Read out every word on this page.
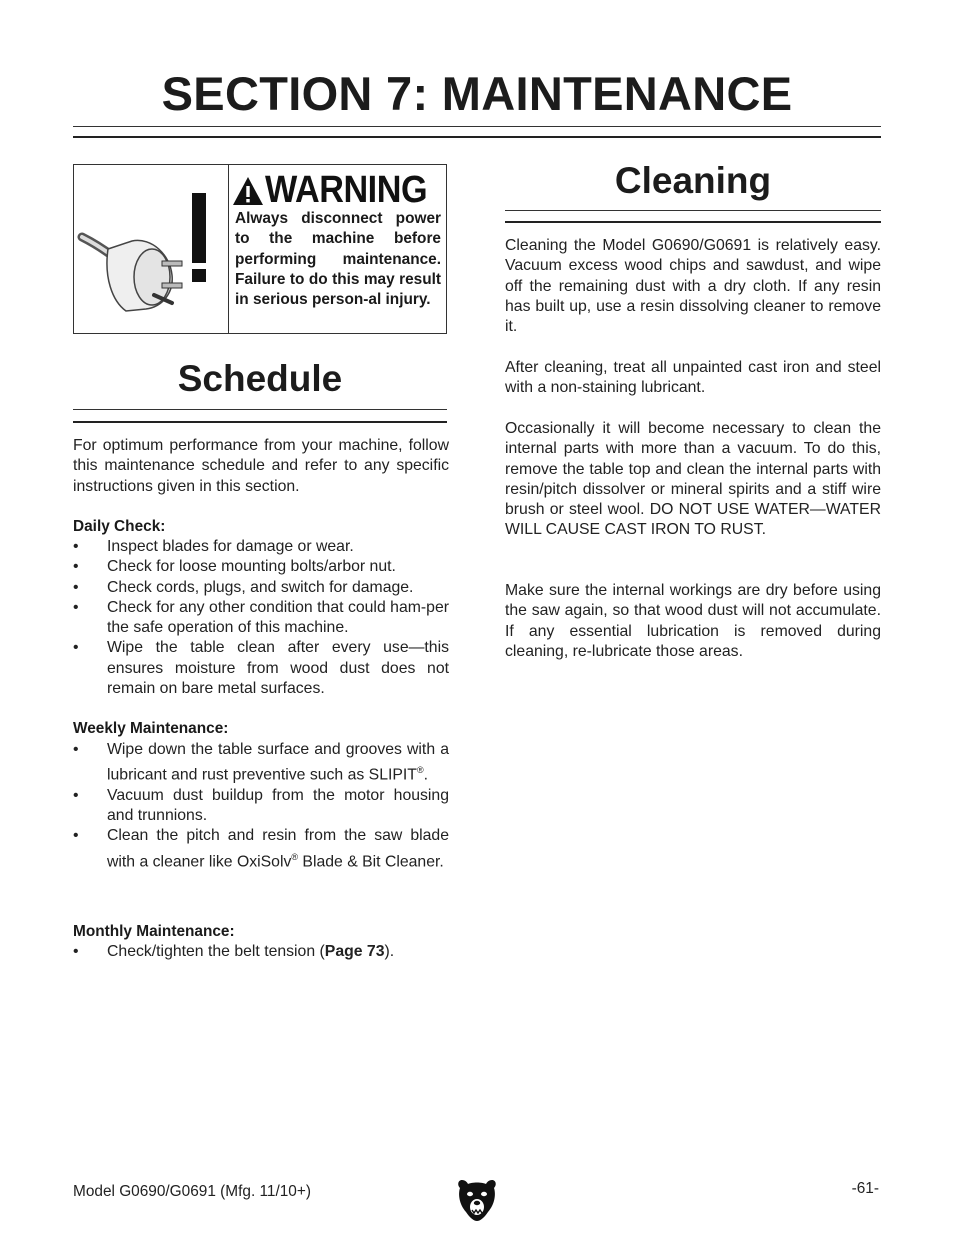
SECTION 7: MAINTENANCE
WARNING
Always disconnect power to the machine before performing maintenance. Failure to do this may result in serious person-al injury.
Schedule

For optimum performance from your machine, follow this maintenance schedule and refer to any specific instructions given in this section.

Daily Check:

• Inspect blades for damage or wear.
• Check for loose mounting bolts/arbor nut.
• Check cords, plugs, and switch for damage.
• Check for any other condition that could ham-per the safe operation of this machine.
• Wipe the table clean after every use—this ensures moisture from wood dust does not remain on bare metal surfaces.

Weekly Maintenance:

• Wipe down the table surface and grooves with a lubricant and rust preventive such as SLIPIT®.
• Vacuum dust buildup from the motor housing and trunnions.
• Clean the pitch and resin from the saw blade with a cleaner like OxiSolv® Blade & Bit Cleaner.

Monthly Maintenance:

• Check/tighten the belt tension (Page 73).
Cleaning

Cleaning the Model G0690/G0691 is relatively easy. Vacuum excess wood chips and sawdust, and wipe off the remaining dust with a dry cloth. If any resin has built up, use a resin dissolving cleaner to remove it.

After cleaning, treat all unpainted cast iron and steel with a non-staining lubricant.

Occasionally it will become necessary to clean the internal parts with more than a vacuum. To do this, remove the table top and clean the internal parts with resin/pitch dissolver or mineral spirits and a stiff wire brush or steel wool. DO NOT USE WATER—WATER WILL CAUSE CAST IRON TO RUST.

Make sure the internal workings are dry before using the saw again, so that wood dust will not accumulate. If any essential lubrication is removed during cleaning, re-lubricate those areas.

Model G0690/G0691 (Mfg. 11/10+)	-61-
